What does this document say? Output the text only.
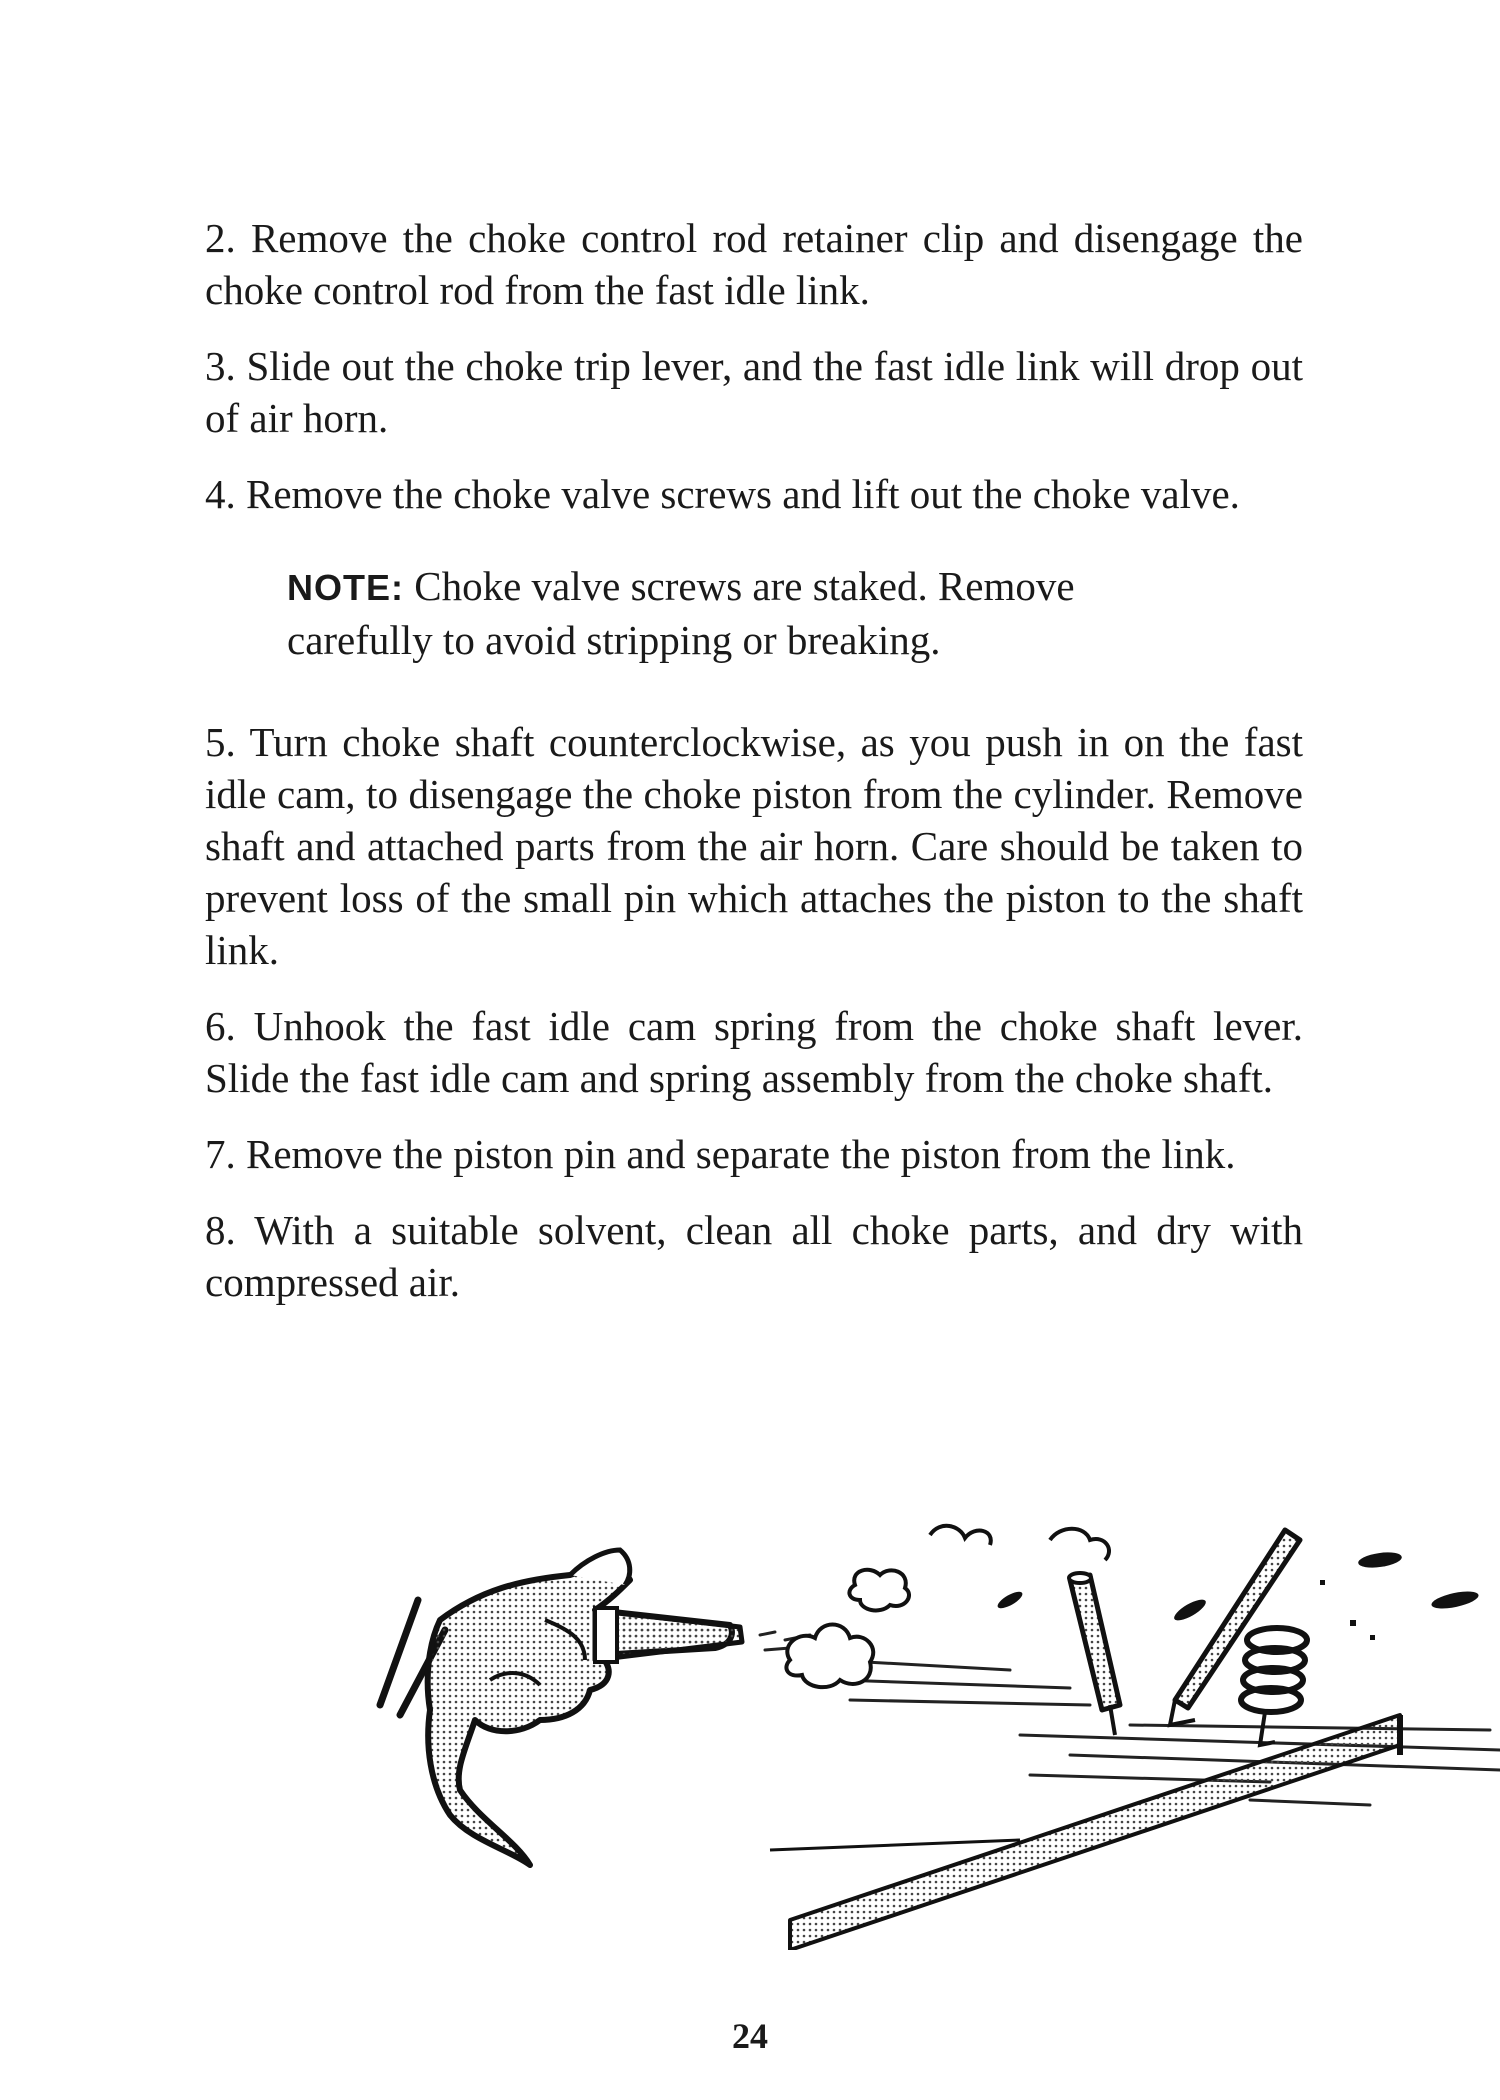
2. Remove the choke control rod retainer clip and disengage the choke control rod from the fast idle link.

3. Slide out the choke trip lever, and the fast idle link will drop out of air horn.

4. Remove the choke valve screws and lift out the choke valve.

NOTE: Choke valve screws are staked. Remove carefully to avoid stripping or breaking.

5. Turn choke shaft counterclockwise, as you push in on the fast idle cam, to disengage the choke piston from the cylinder. Remove shaft and attached parts from the air horn. Care should be taken to prevent loss of the small pin which attaches the piston to the shaft link.

6. Unhook the fast idle cam spring from the choke shaft lever. Slide the fast idle cam and spring assembly from the choke shaft.

7. Remove the piston pin and separate the piston from the link.

8. With a suitable solvent, clean all choke parts, and dry with compressed air.

24
